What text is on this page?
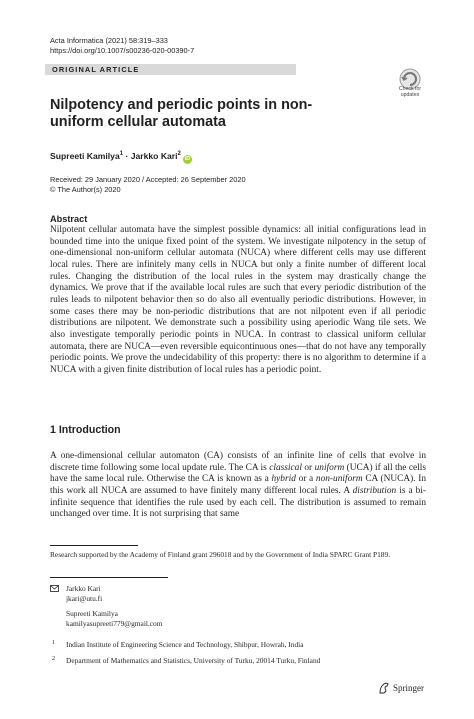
Acta Informatica (2021) 58:319–333
https://doi.org/10.1007/s00236-020-00390-7
ORIGINAL ARTICLE
Check for
updates
Nilpotency and periodic points in non-uniform cellular automata
Supreeti Kamilya$^1$ · Jarkko Kari$^2$iD
Received: 29 January 2020 / Accepted: 26 September 2020
© The Author(s) 2020
Abstract
Nilpotent cellular automata have the simplest possible dynamics: all initial configurations lead in bounded time into the unique fixed point of the system. We investigate nilpotency in the setup of one-dimensional non-uniform cellular automata (NUCA) where different cells may use different local rules. There are infinitely many cells in NUCA but only a finite number of different local rules. Changing the distribution of the local rules in the system may drastically change the dynamics. We prove that if the available local rules are such that every periodic distribution of the rules leads to nilpotent behavior then so do also all eventually periodic distributions. However, in some cases there may be non-periodic distributions that are not nilpotent even if all periodic distributions are nilpotent. We demonstrate such a possibility using aperiodic Wang tile sets. We also investigate temporally periodic points in NUCA. In contrast to classical uniform cellular automata, there are NUCA—even reversible equicontinuous ones—that do not have any temporally periodic points. We prove the undecidability of this property: there is no algorithm to determine if a NUCA with a given finite distribution of local rules has a periodic point.
1 Introduction
A one-dimensional cellular automaton (CA) consists of an infinite line of cells that evolve in discrete time following some local update rule. The CA is classical or uniform (UCA) if all the cells have the same local rule. Otherwise the CA is known as a hybrid or a non-uniform CA (NUCA). In this work all NUCA are assumed to have finitely many different local rules. A distribution is a bi-infinite sequence that identifies the rule used by each cell. The distribution is assumed to remain unchanged over time. It is not surprising that same
Research supported by the Academy of Finland grant 296018 and by the Government of India SPARC Grant P189.
Jarkko Kari
jkari@utu.fi
Supreeti Kamilya
kamilyasupreeti779@gmail.com
1 Indian Institute of Engineering Science and Technology, Shibpur, Howrah, India
2 Department of Mathematics and Statistics, University of Turku, 20014 Turku, Finland
Springer
